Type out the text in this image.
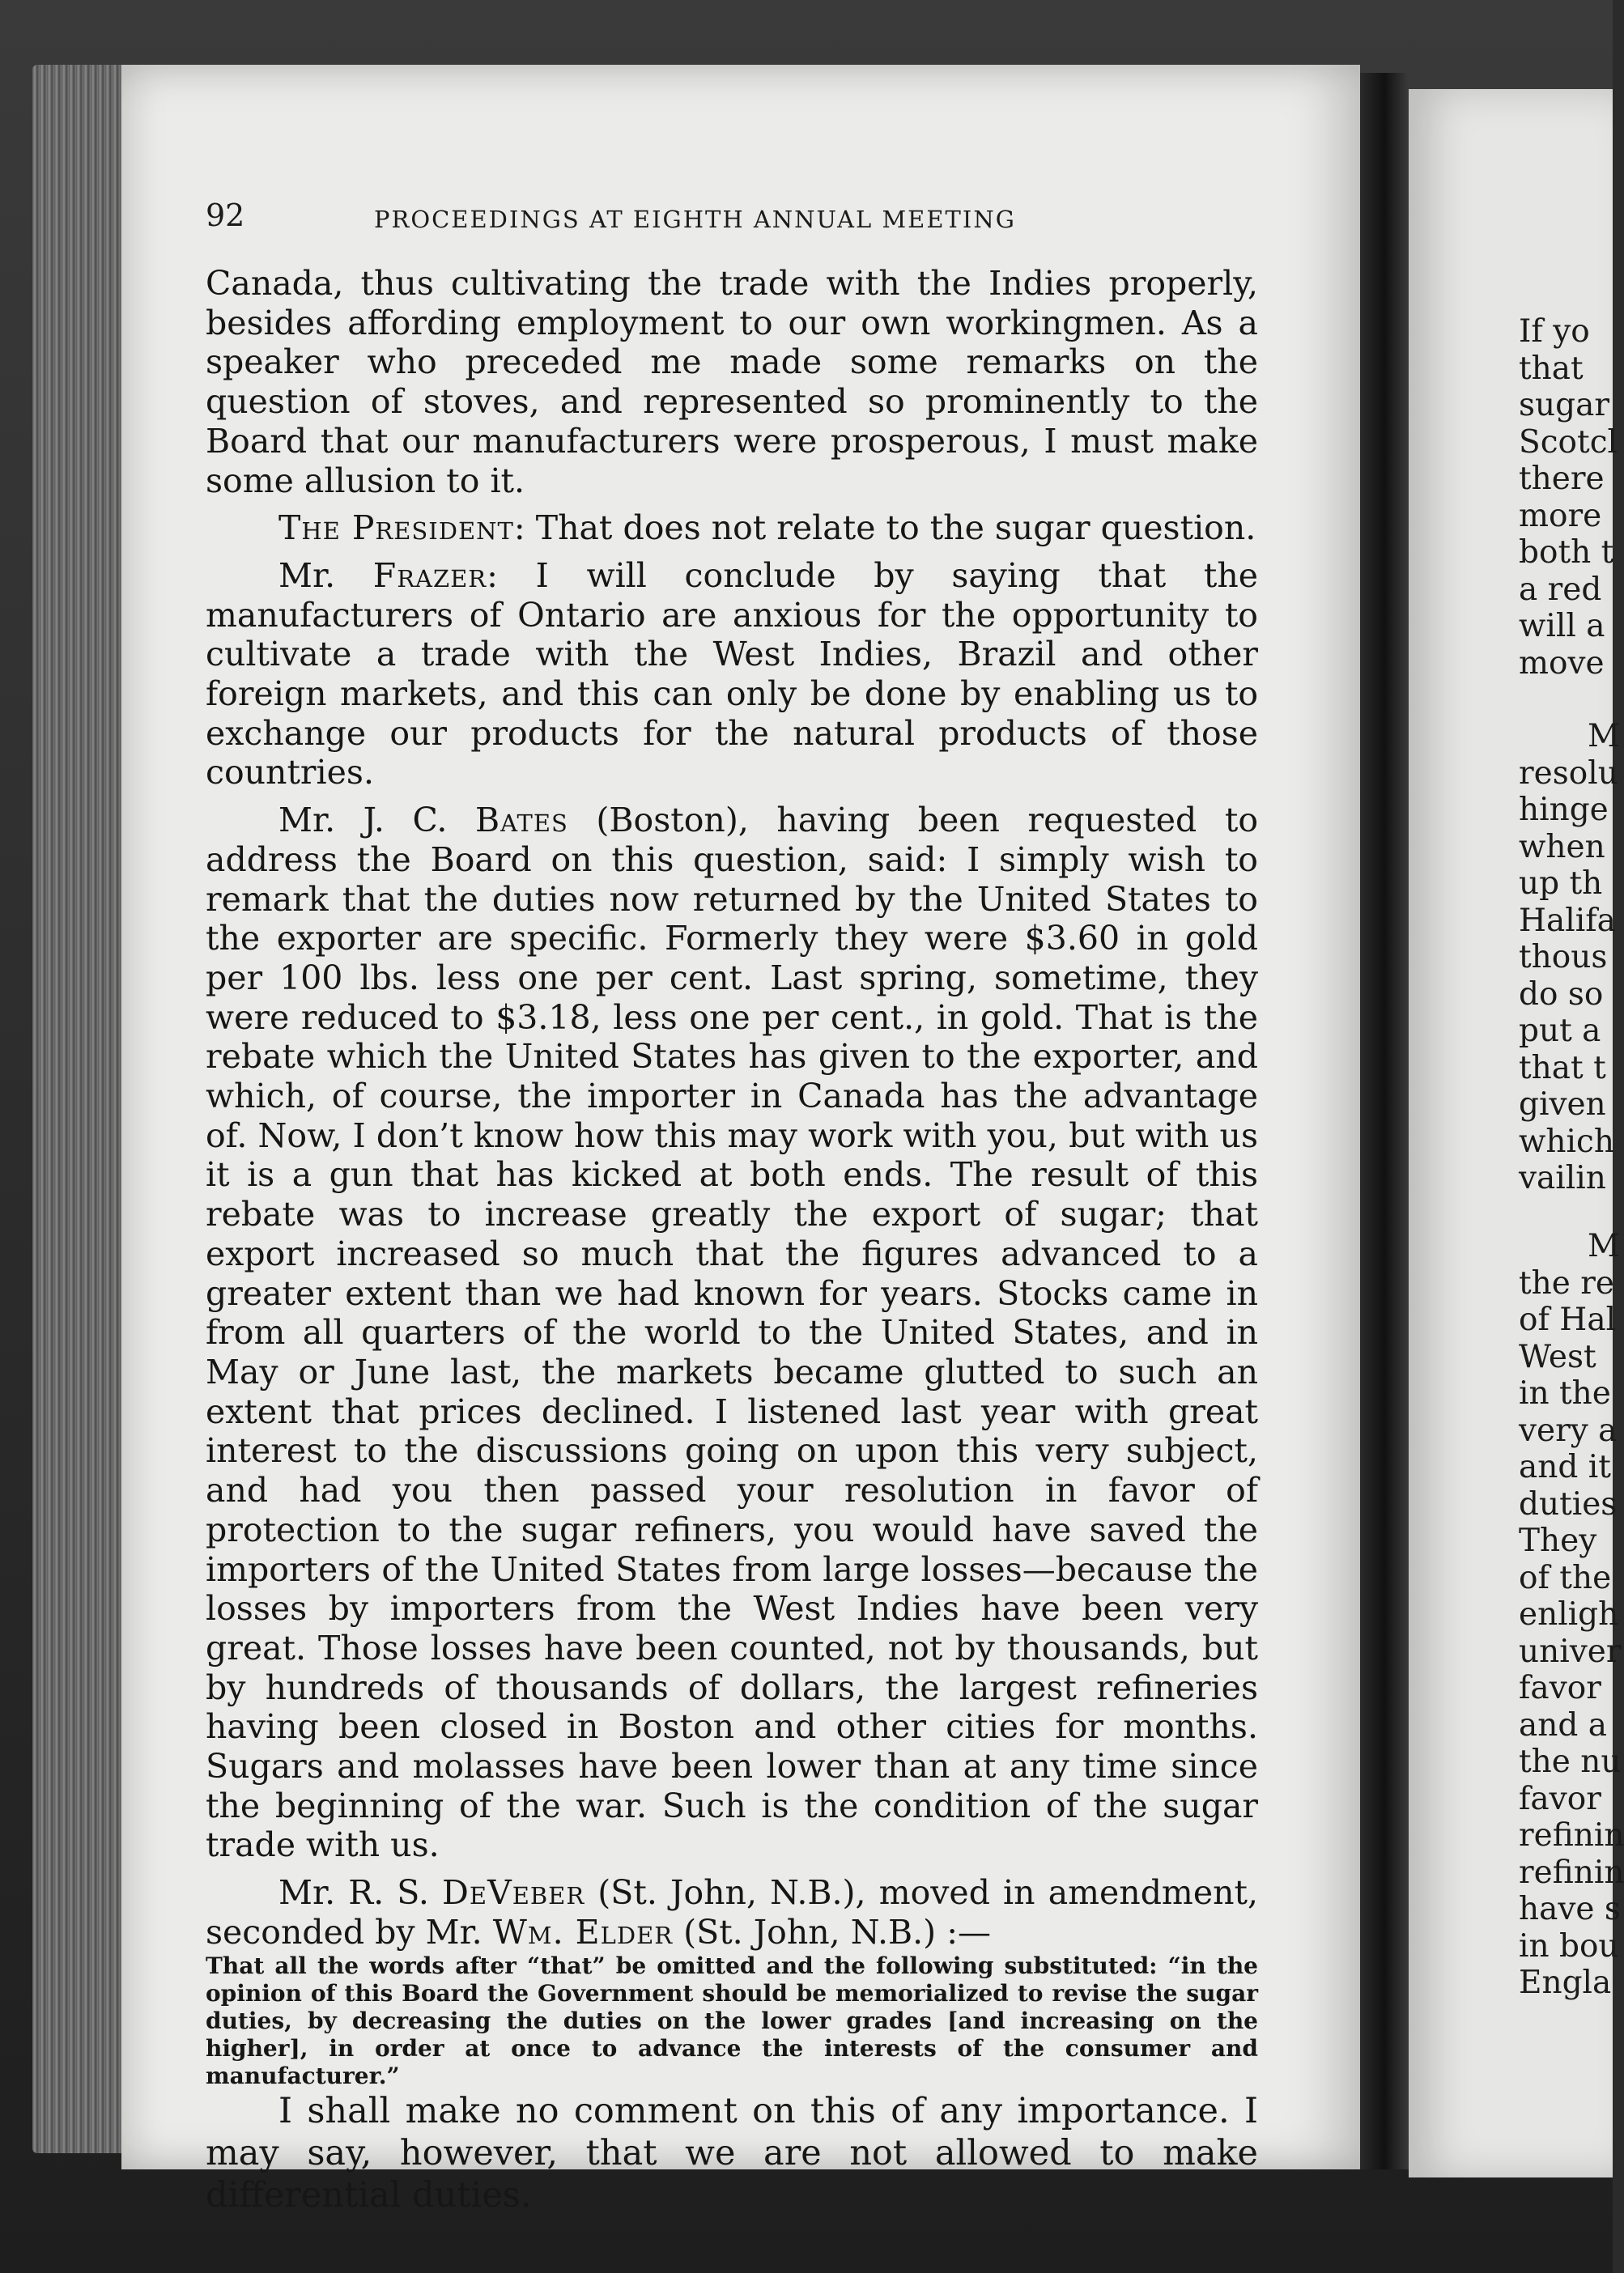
92	PROCEEDINGS AT EIGHTH ANNUAL MEETING

Canada, thus cultivating the trade with the Indies properly, besides affording employment to our own workingmen. As a speaker who preceded me made some remarks on the question of stoves, and represented so prominently to the Board that our manufacturers were prosperous, I must make some allusion to it.

The President: That does not relate to the sugar question.

Mr. Frazer: I will conclude by saying that the manufacturers of Ontario are anxious for the opportunity to cultivate a trade with the West Indies, Brazil and other foreign markets, and this can only be done by enabling us to exchange our products for the natural products of those countries.

Mr. J. C. Bates (Boston), having been requested to address the Board on this question, said: I simply wish to remark that the duties now returned by the United States to the exporter are specific. Formerly they were $3.60 in gold per 100 lbs. less one per cent. Last spring, sometime, they were reduced to $3.18, less one per cent., in gold. That is the rebate which the United States has given to the exporter, and which, of course, the importer in Canada has the advantage of. Now, I don’t know how this may work with you, but with us it is a gun that has kicked at both ends. The result of this rebate was to increase greatly the export of sugar; that export increased so much that the figures advanced to a greater extent than we had known for years. Stocks came in from all quarters of the world to the United States, and in May or June last, the markets became glutted to such an extent that prices declined. I listened last year with great interest to the discussions going on upon this very subject, and had you then passed your resolution in favor of protection to the sugar refiners, you would have saved the importers of the United States from large losses—because the losses by importers from the West Indies have been very great. Those losses have been counted, not by thousands, but by hundreds of thousands of dollars, the largest refineries having been closed in Boston and other cities for months. Sugars and molasses have been lower than at any time since the beginning of the war. Such is the condition of the sugar trade with us.

Mr. R. S. DeVeber (St. John, N.B.), moved in amendment, seconded by Mr. Wm. Elder (St. John, N.B.) :—

That all the words after “that” be omitted and the following substituted: “in the opinion of this Board the Government should be memorialized to revise the sugar duties, by decreasing the duties on the lower grades [and increasing on the higher], in order at once to advance the interests of the consumer and manufacturer.”

I shall make no comment on this of any importance. I may say, however, that we are not allowed to make differential duties.

If yo
that
sugar
Scotcl
there
more
both t
a red
will a
move
M
resolu
hinge
when
up th
Halifa
thous
do so
put a
that t
given
which
vailin
M
the re
of Hal
West
in the
very a
and it
duties
They
of the
enligh
univer
favor
and a
the nu
favor
refinin
refinin
have s
in bou
Engla
